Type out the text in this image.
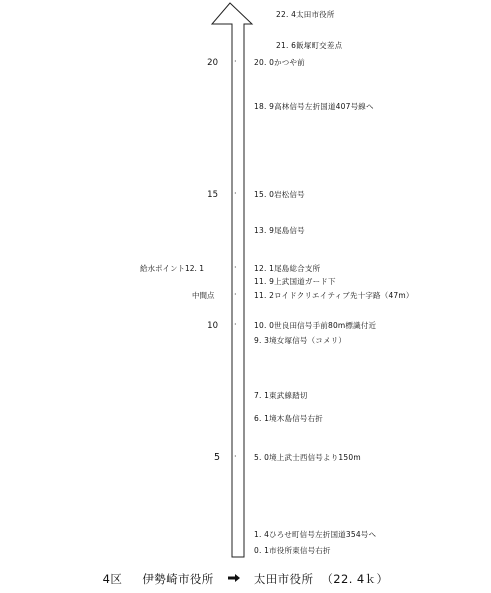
22. 4太田市役所
21. 6飯塚町交差点
20. 0かつや前
18. 9高林信号左折国道407号線へ
15. 0岩松信号
13. 9尾島信号
12. 1尾島総合支所
11. 9上武国道ガード下
11. 2ロイドクリエイティブ先十字路（47m）
10. 0世良田信号手前80m標識付近
9. 3境女塚信号（コメリ）
7. 1東武線踏切
6. 1境木島信号右折
5. 0境上武士西信号より150m
1. 4ひろせ町信号左折国道354号へ
0. 1市役所東信号右折
20
15
10
5
·
·
·
·
·
·
給水ポイント12. 1
中間点
4区 伊勢崎市役所	太田市役所 （22. 4ｋ）
